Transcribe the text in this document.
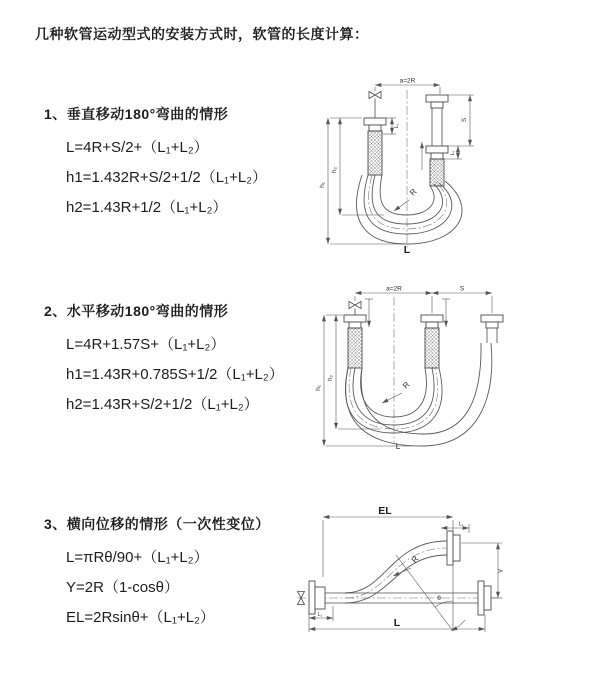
几种软管运动型式的安装方式时，软管的长度计算：
1、垂直移动180°弯曲的情形
L=4R+S/2+（L₁+L₂）
h1=1.432R+S/2+1/2（L₁+L₂）
h2=1.43R+1/2（L₁+L₂）
2、水平移动180°弯曲的情形
L=4R+1.57S+（L₁+L₂）
h1=1.43R+0.785S+1/2（L₁+L₂）
h2=1.43R+S/2+1/2（L₁+L₂）
3、横向位移的情形（一次性变位）
L=πRθ/90+（L₁+L₂）
Y=2R（1-cosθ）
EL=2Rsinθ+（L₁+L₂）
a=2R
h₁
h₂
L₁
S
L₁
R
L
a=2R	S
h₁
h₂
R
L
EL
L₁
Y
θ
R
L₁
L
